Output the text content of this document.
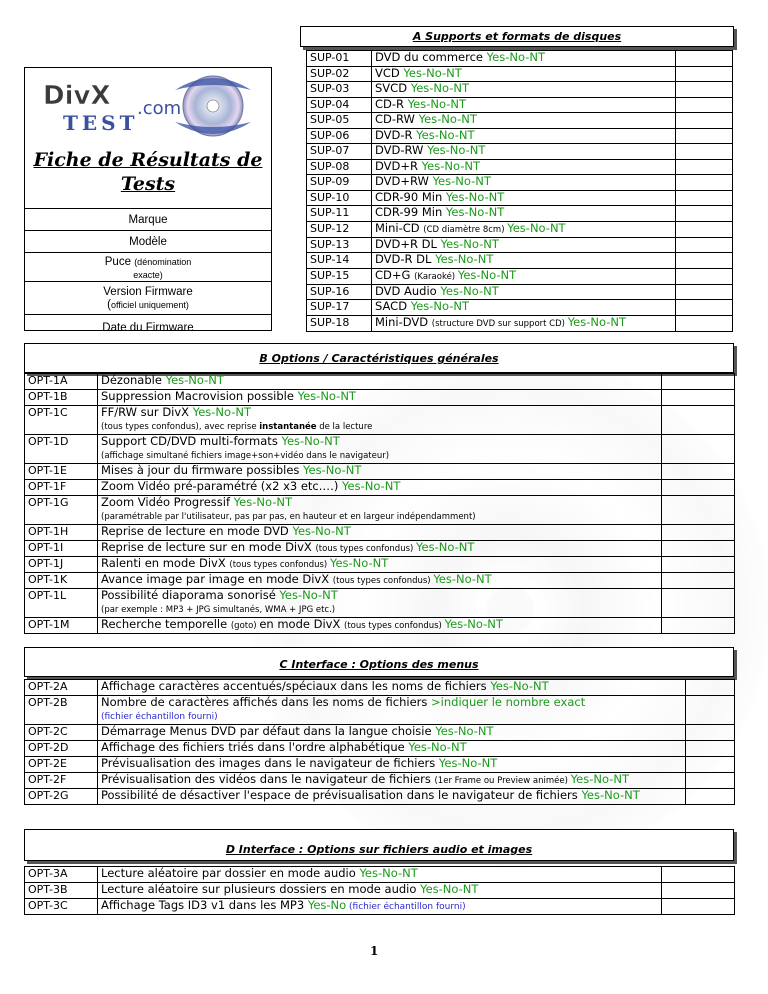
A Supports et formats de disques
DivX
TEST
.com
Fiche de Résultats de
Tests
Marque
Modèle
Puce (dénomination
exacte)
Version Firmware
(officiel uniquement)
Date du Firmware
SUP-01	DVD du commerce Yes-No-NT	
SUP-02	VCD Yes-No-NT	
SUP-03	SVCD Yes-No-NT	
SUP-04	CD-R Yes-No-NT	
SUP-05	CD-RW Yes-No-NT	
SUP-06	DVD-R Yes-No-NT	
SUP-07	DVD-RW Yes-No-NT	
SUP-08	DVD+R Yes-No-NT	
SUP-09	DVD+RW Yes-No-NT	
SUP-10	CDR-90 Min Yes-No-NT	
SUP-11	CDR-99 Min Yes-No-NT	
SUP-12	Mini-CD (CD diamètre 8cm) Yes-No-NT	
SUP-13	DVD+R DL Yes-No-NT	
SUP-14	DVD-R DL Yes-No-NT	
SUP-15	CD+G (Karaoké) Yes-No-NT	
SUP-16	DVD Audio Yes-No-NT	
SUP-17	SACD Yes-No-NT	
SUP-18	Mini-DVD (structure DVD sur support CD) Yes-No-NT	
B Options / Caractéristiques générales
OPT-1A	Dézonable Yes-No-NT	
OPT-1B	Suppression Macrovision possible Yes-No-NT	
OPT-1C	FF/RW sur DivX Yes-No-NT
(tous types confondus), avec reprise instantanée de la lecture	
OPT-1D	Support CD/DVD multi-formats Yes-No-NT
(affichage simultané fichiers image+son+vidéo dans le navigateur)	
OPT-1E	Mises à jour du firmware possibles Yes-No-NT	
OPT-1F	Zoom Vidéo pré-paramétré (x2 x3 etc.…) Yes-No-NT	
OPT-1G	Zoom Vidéo Progressif Yes-No-NT
(paramétrable par l'utilisateur, pas par pas, en hauteur et en largeur indépendamment)	
OPT-1H	Reprise de lecture en mode DVD Yes-No-NT	
OPT-1I	Reprise de lecture sur en mode DivX (tous types confondus) Yes-No-NT	
OPT-1J	Ralenti en mode DivX (tous types confondus) Yes-No-NT	
OPT-1K	Avance image par image en mode DivX (tous types confondus) Yes-No-NT	
OPT-1L	Possibilité diaporama sonorisé Yes-No-NT
(par exemple : MP3 + JPG simultanés, WMA + JPG etc.)	
OPT-1M	Recherche temporelle (goto) en mode DivX (tous types confondus) Yes-No-NT	
C Interface : Options des menus
OPT-2A	Affichage caractères accentués/spéciaux dans les noms de fichiers Yes-No-NT	
OPT-2B	Nombre de caractères affichés dans les noms de fichiers >indiquer le nombre exact
(fichier échantillon fourni)	
OPT-2C	Démarrage Menus DVD par défaut dans la langue choisie Yes-No-NT	
OPT-2D	Affichage des fichiers triés dans l'ordre alphabétique Yes-No-NT	
OPT-2E	Prévisualisation des images dans le navigateur de fichiers Yes-No-NT	
OPT-2F	Prévisualisation des vidéos dans le navigateur de fichiers (1er Frame ou Preview animée) Yes-No-NT	
OPT-2G	Possibilité de désactiver l'espace de prévisualisation dans le navigateur de fichiers Yes-No-NT	
D Interface : Options sur fichiers audio et images
OPT-3A	Lecture aléatoire par dossier en mode audio Yes-No-NT	
OPT-3B	Lecture aléatoire sur plusieurs dossiers en mode audio Yes-No-NT	
OPT-3C	Affichage Tags ID3 v1 dans les MP3 Yes-No (fichier échantillon fourni)	
1
